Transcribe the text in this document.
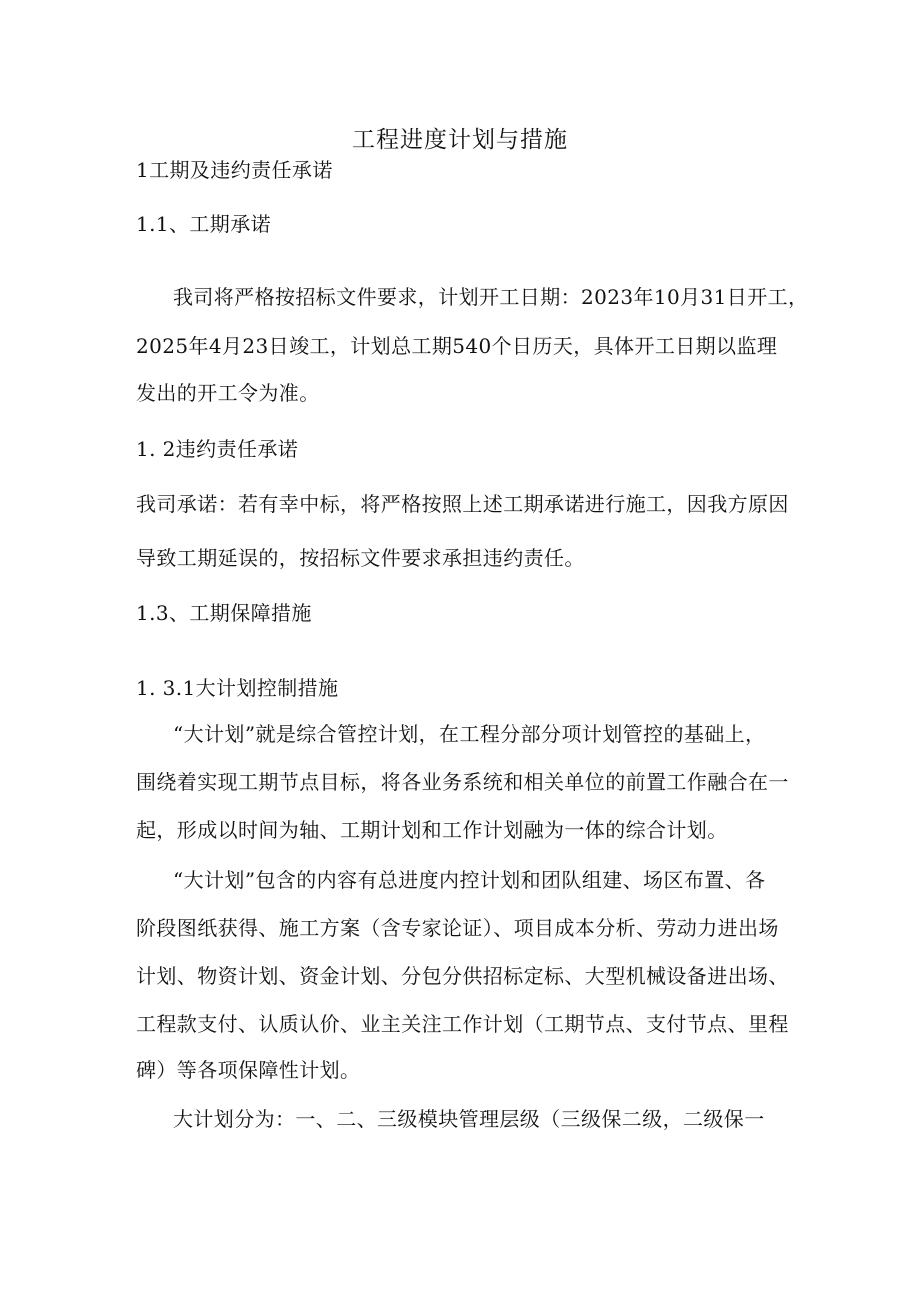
工程进度计划与措施
1工期及违约责任承诺
1.1、工期承诺
我司将严格按招标文件要求，计划开工日期：2023年10月31日开工，
2025年4月23日竣工，计划总工期540个日历天，具体开工日期以监理
发出的开工令为准。
1. 2违约责任承诺
我司承诺：若有幸中标，将严格按照上述工期承诺进行施工，因我方原因
导致工期延误的，按招标文件要求承担违约责任。
1.3、工期保障措施
1. 3.1大计划控制措施
“大计划”就是综合管控计划，在工程分部分项计划管控的基础上，
围绕着实现工期节点目标，将各业务系统和相关单位的前置工作融合在一
起，形成以时间为轴、工期计划和工作计划融为一体的综合计划。
“大计划”包含的内容有总进度内控计划和团队组建、场区布置、各
阶段图纸获得、施工方案（含专家论证）、项目成本分析、劳动力进出场
计划、物资计划、资金计划、分包分供招标定标、大型机械设备进出场、
工程款支付、认质认价、业主关注工作计划（工期节点、支付节点、里程
碑）等各项保障性计划。
大计划分为：一、二、三级模块管理层级（三级保二级，二级保一
